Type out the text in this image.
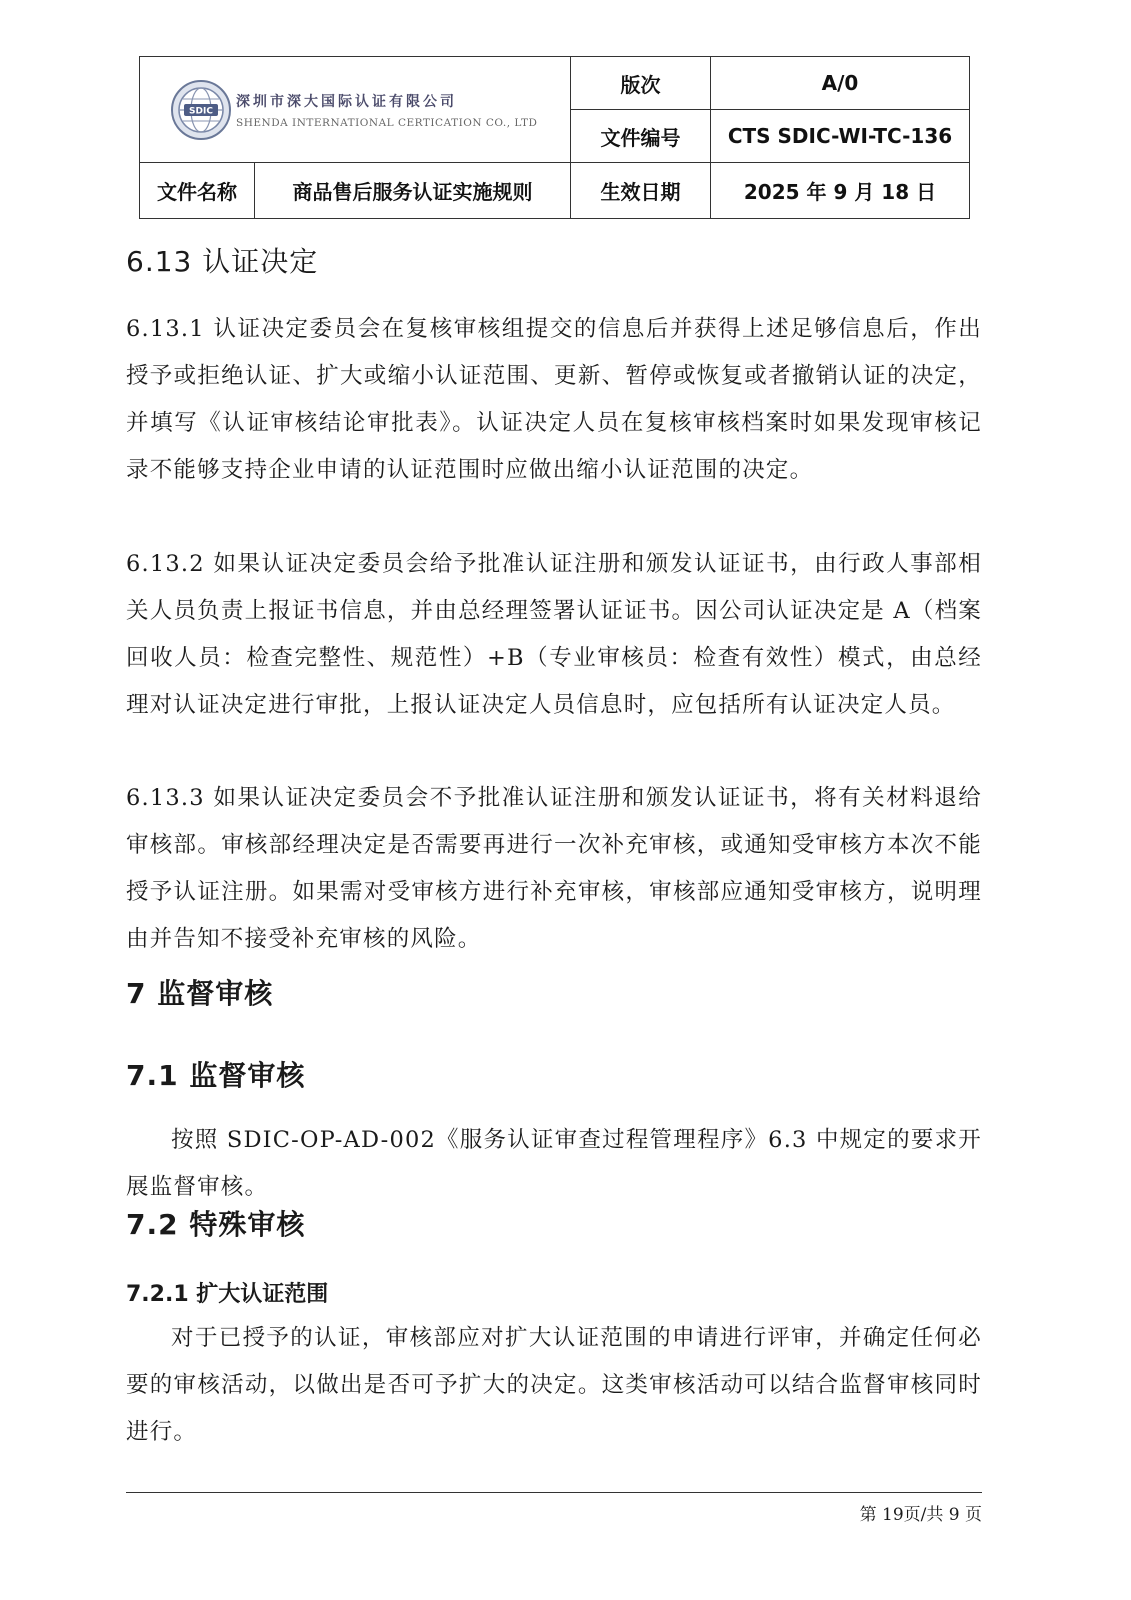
SDIC
深圳市深大国际认证有限公司
SHENDA INTERNATIONAL CERTICATION CO., LTD		版次	A/0
		文件编号	CTS SDIC-WI-TC-136
文件名称	商品售后服务认证实施规则	生效日期	2025 年 9 月 18 日
6.13 认证决定

6.13.1 认证决定委员会在复核审核组提交的信息后并获得上述足够信息后，作出授予或拒绝认证、扩大或缩小认证范围、更新、暂停或恢复或者撤销认证的决定，并填写《认证审核结论审批表》。认证决定人员在复核审核档案时如果发现审核记录不能够支持企业申请的认证范围时应做出缩小认证范围的决定。

6.13.2 如果认证决定委员会给予批准认证注册和颁发认证证书，由行政人事部相关人员负责上报证书信息，并由总经理签署认证证书。因公司认证决定是 A（档案回收人员：检查完整性、规范性）+B（专业审核员：检查有效性）模式，由总经理对认证决定进行审批，上报认证决定人员信息时，应包括所有认证决定人员。

6.13.3 如果认证决定委员会不予批准认证注册和颁发认证证书，将有关材料退给审核部。审核部经理决定是否需要再进行一次补充审核，或通知受审核方本次不能授予认证注册。如果需对受审核方进行补充审核，审核部应通知受审核方，说明理由并告知不接受补充审核的风险。

7 监督审核
7.1 监督审核

按照 SDIC-OP-AD-002《服务认证审查过程管理程序》6.3 中规定的要求开展监督审核。

7.2 特殊审核
7.2.1 扩大认证范围

对于已授予的认证，审核部应对扩大认证范围的申请进行评审，并确定任何必要的审核活动，以做出是否可予扩大的决定。这类审核活动可以结合监督审核同时进行。

第 19页/共 9 页
